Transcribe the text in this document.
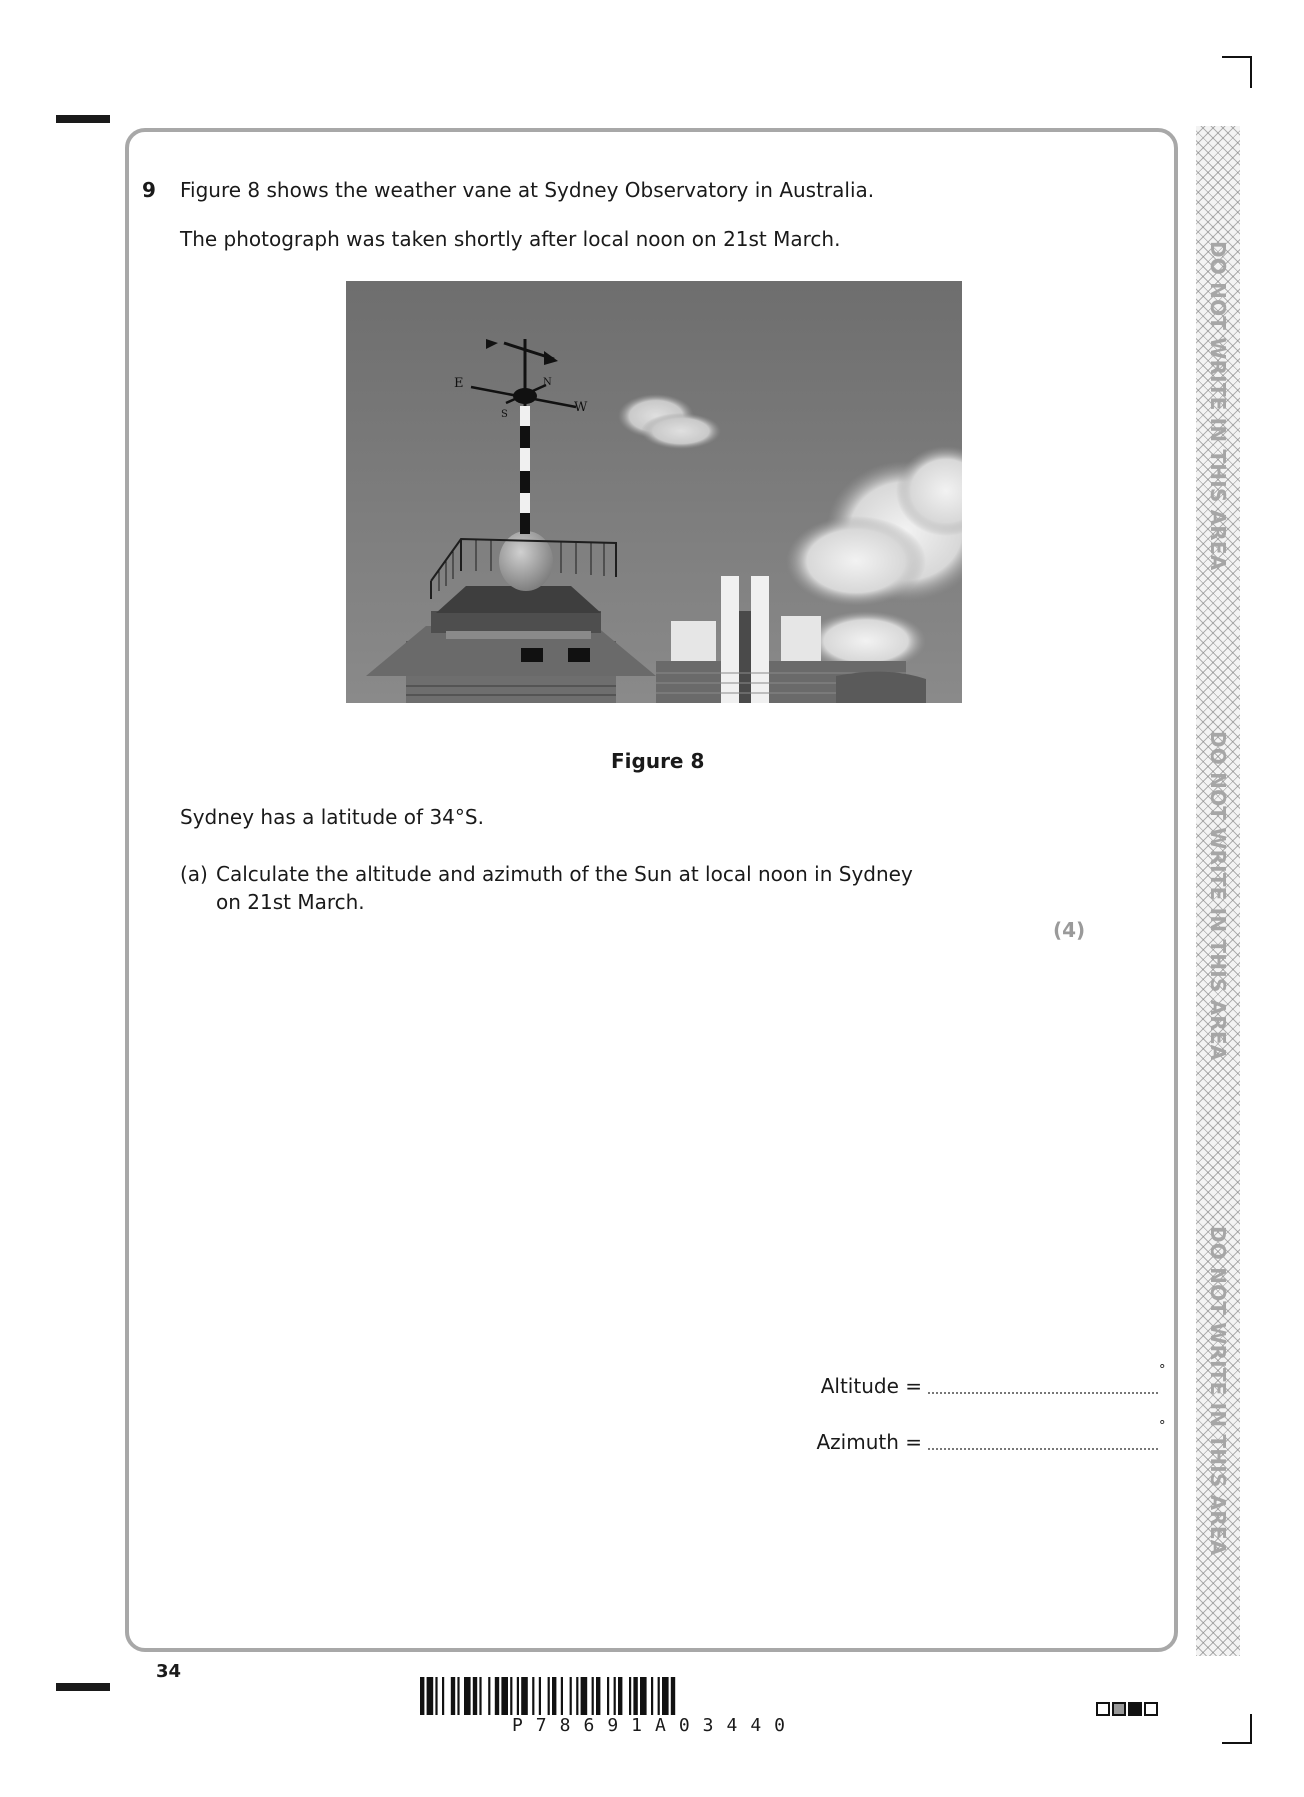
9 Figure 8 shows the weather vane at Sydney Observatory in Australia.
The photograph was taken shortly after local noon on 21st March.
E
W
N
S
Figure 8
Sydney has a latitude of 34°S.
(a) Calculate the altitude and azimuth of the Sun at local noon in Sydney
on 21st March.
(4)
Altitude =
°
Azimuth =
°
DO NOT WRITE IN THIS AREA
DO NOT WRITE IN THIS AREA
DO NOT WRITE IN THIS AREA
34
P78691A03440
